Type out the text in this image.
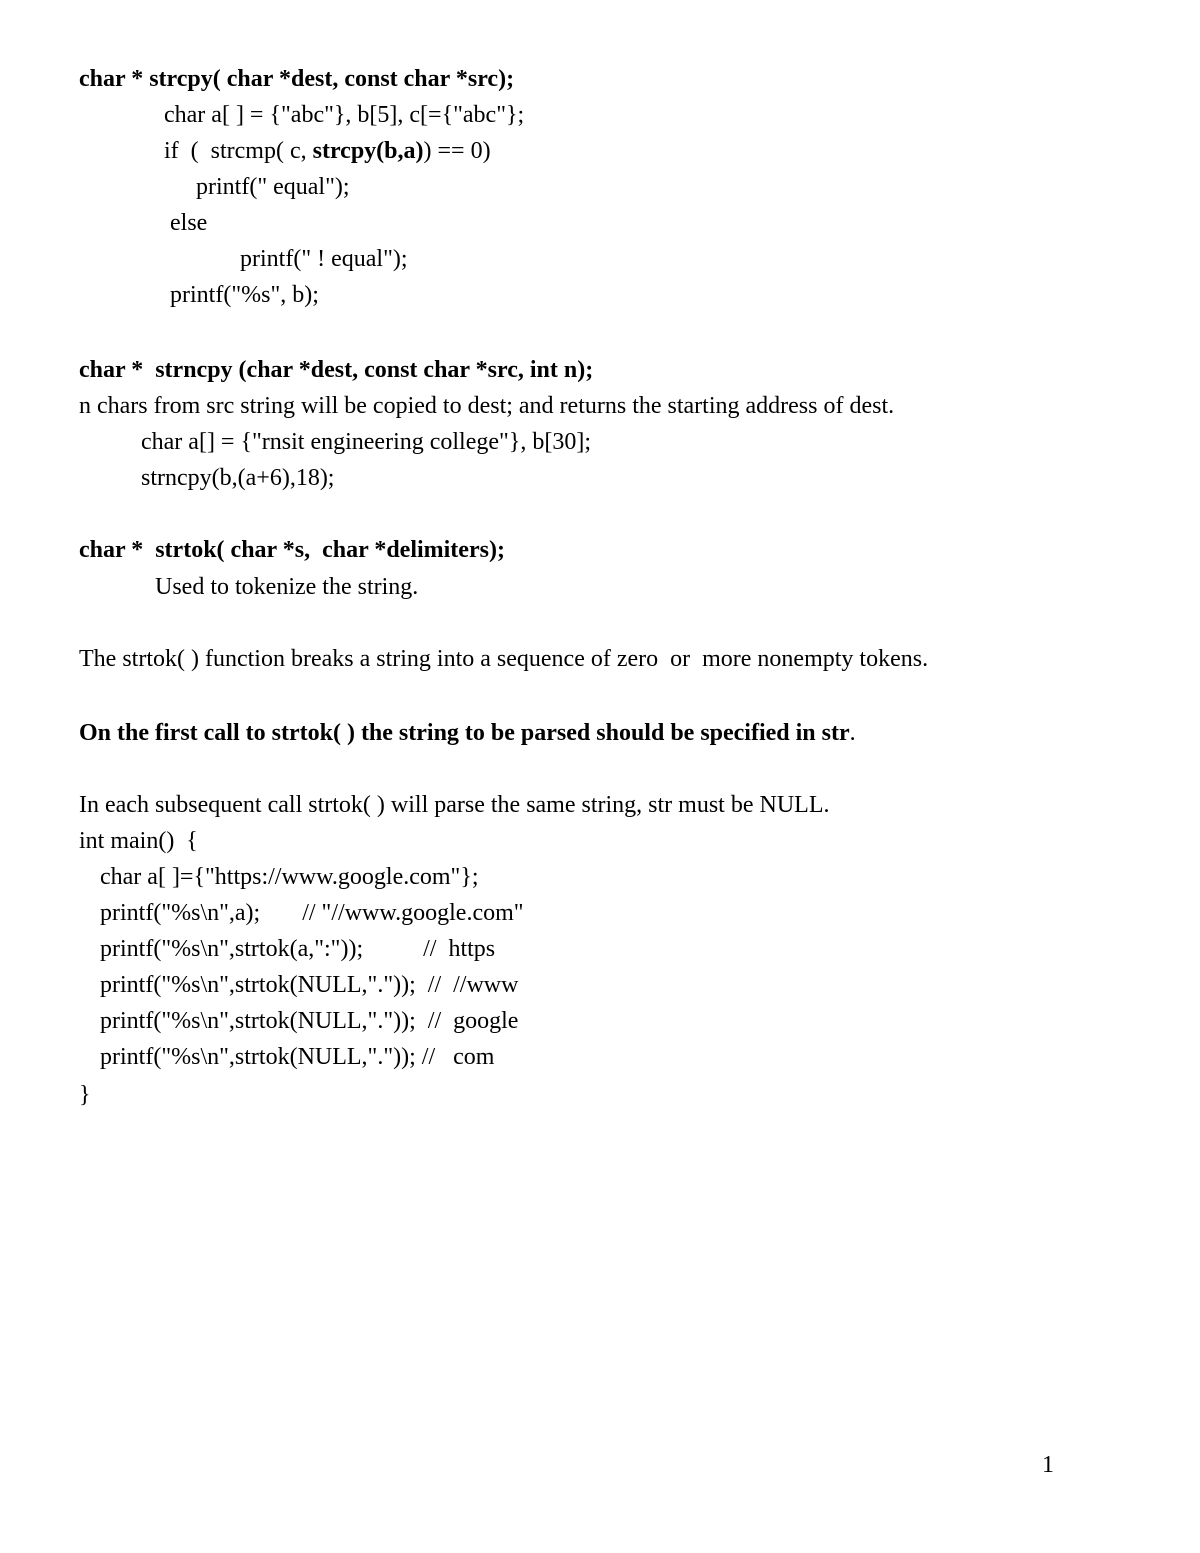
char * strcpy( char *dest, const char *src);
char a[ ] = {"abc"}, b[5], c[={"abc"};
if  (  strcmp( c, strcpy(b,a)) == 0)
printf(" equal");
else
printf(" ! equal");
printf("%s", b);
char *  strncpy (char *dest, const char *src, int n);
n chars from src string will be copied to dest; and returns the starting address of dest.
char a[] = {"rnsit engineering college"}, b[30];
strncpy(b,(a+6),18);
char *  strtok( char *s,  char *delimiters);
Used to tokenize the string.
The strtok( ) function breaks a string into a sequence of zero  or  more nonempty tokens.
On the first call to strtok( ) the string to be parsed should be specified in str.
In each subsequent call strtok( ) will parse the same string, str must be NULL.
int main()  {
char a[ ]={"https://www.google.com"};
printf("%s\n",a);       // "//www.google.com"
printf("%s\n",strtok(a,":"));          //  https
printf("%s\n",strtok(NULL,"."));  //  //www
printf("%s\n",strtok(NULL,"."));  //  google
printf("%s\n",strtok(NULL,".")); //   com
}
1
